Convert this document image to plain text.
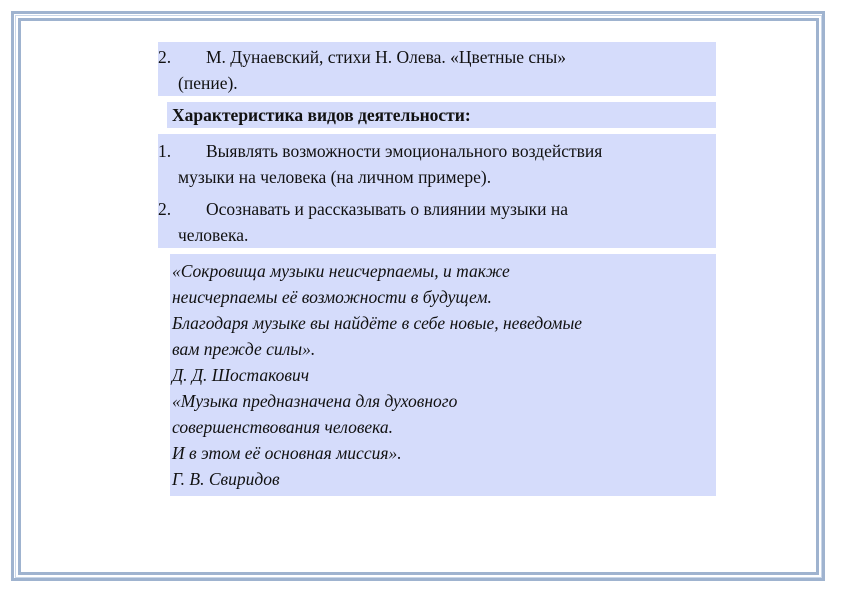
2. М. Дунаевский, стихи Н. Олева. «Цветные сны»
(пение).
Характеристика видов деятельности:
1. Выявлять возможности эмоционального воздействия
музыки на человека (на личном примере).
2. Осознавать и рассказывать о влиянии музыки на
человека.
«Сокровища музыки неисчерпаемы, и также
неисчерпаемы её возможности в будущем.
Благодаря музыке вы найдёте в себе новые, неведомые
вам прежде силы».
Д. Д. Шостакович
«Музыка предназначена для духовного
совершенствования человека.
И в этом её основная миссия».
Г. В. Свиридов
